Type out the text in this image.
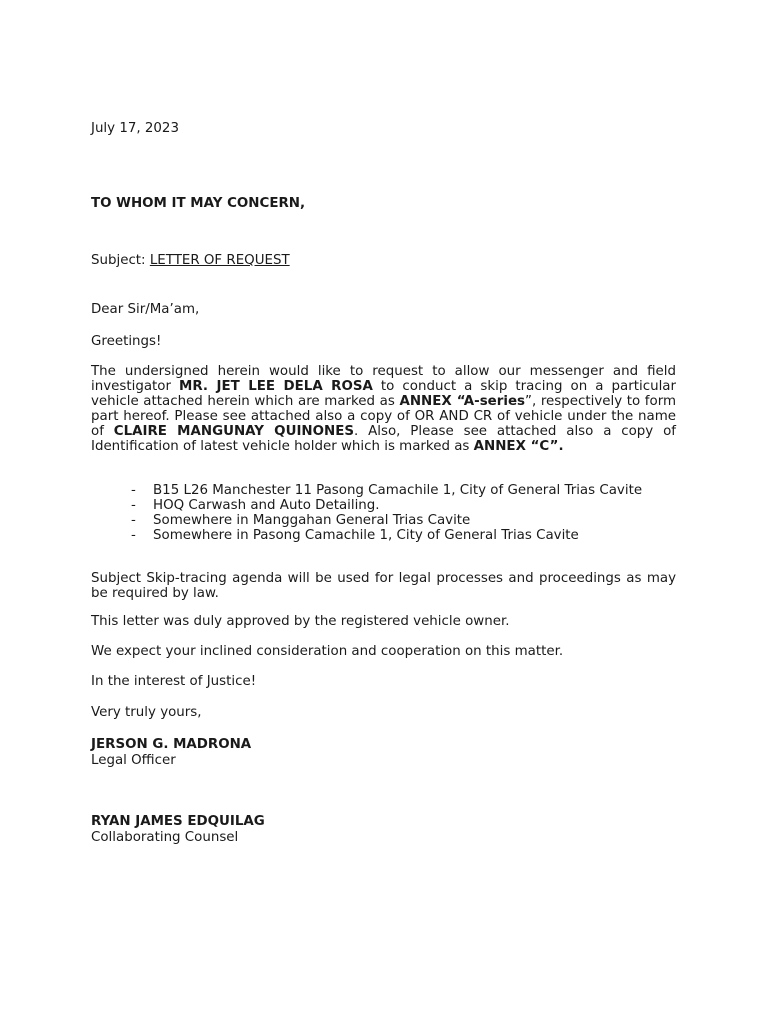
July 17, 2023

TO WHOM IT MAY CONCERN,

Subject: LETTER OF REQUEST

Dear Sir/Ma’am,

Greetings!

The undersigned herein would like to request to allow our messenger and field investigator MR. JET LEE DELA ROSA to conduct a skip tracing on a particular vehicle attached herein which are marked as ANNEX “A-series”, respectively to form part hereof. Please see attached also a copy of OR AND CR of vehicle under the name of CLAIRE MANGUNAY QUINONES. Also, Please see attached also a copy of Identification of latest vehicle holder which is marked as ANNEX “C”.

- B15 L26 Manchester 11 Pasong Camachile 1, City of General Trias Cavite
- HOQ Carwash and Auto Detailing.
- Somewhere in Manggahan General Trias Cavite
- Somewhere in Pasong Camachile 1, City of General Trias Cavite

Subject Skip-tracing agenda will be used for legal processes and proceedings as may be required by law.

This letter was duly approved by the registered vehicle owner.

We expect your inclined consideration and cooperation on this matter.

In the interest of Justice!

Very truly yours,

JERSON G. MADRONA

Legal Officer

RYAN JAMES EDQUILAG

Collaborating Counsel
